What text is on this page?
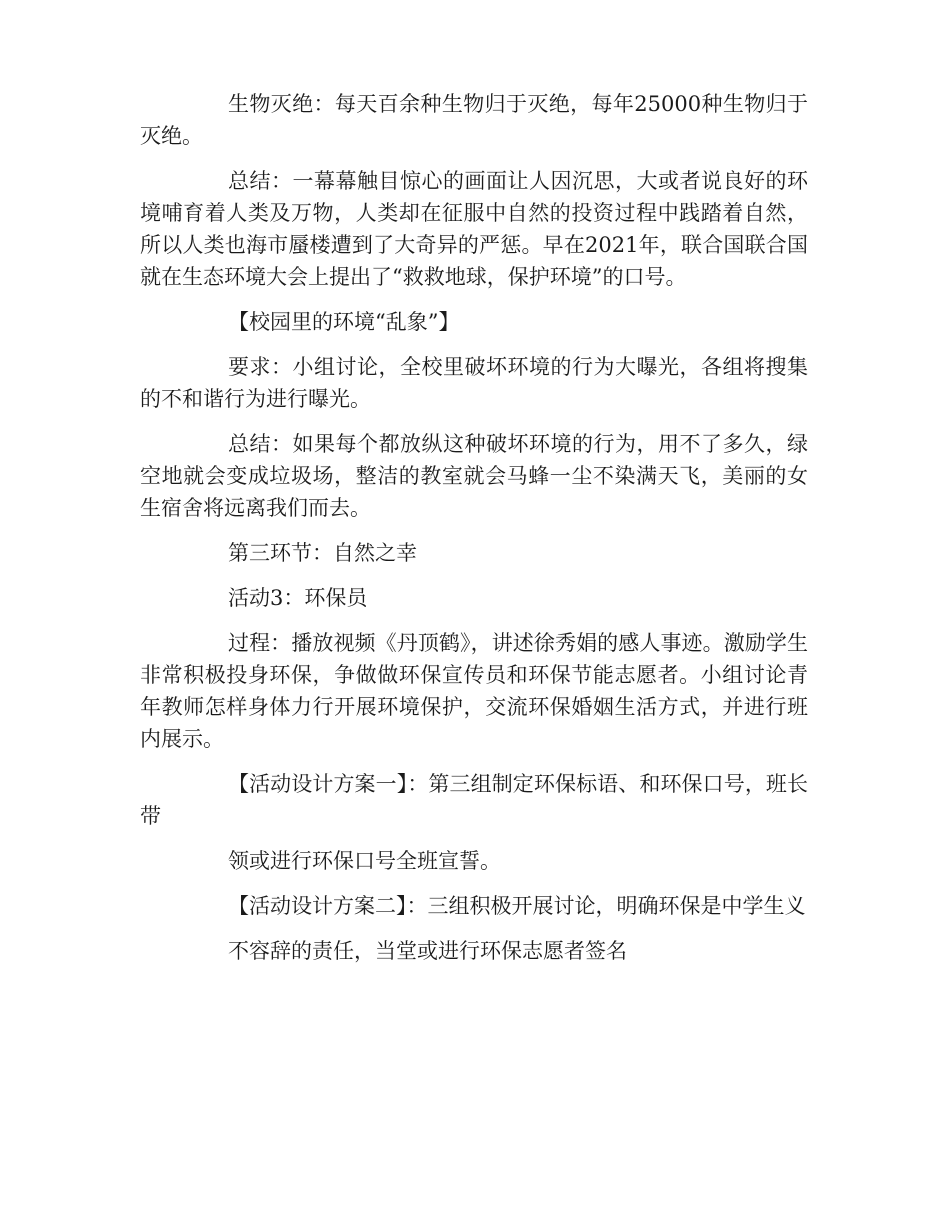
生物灭绝：每天百余种生物归于灭绝，每年25000种生物归于灭绝。

总结：一幕幕触目惊心的画面让人因沉思，大或者说良好的环境哺育着人类及万物，人类却在征服中自然的投资过程中践踏着自然，所以人类也海市蜃楼遭到了大奇异的严惩。早在2021年，联合国联合国就在生态环境大会上提出了“救救地球，保护环境”的口号。

【校园里的环境“乱象”】

要求：小组讨论，全校里破坏环境的行为大曝光，各组将搜集的不和谐行为进行曝光。

总结：如果每个都放纵这种破坏环境的行为，用不了多久，绿空地就会变成垃圾场，整洁的教室就会马蜂一尘不染满天飞，美丽的女生宿舍将远离我们而去。

第三环节：自然之幸

活动3：环保员

过程：播放视频《丹顶鹤》，讲述徐秀娟的感人事迹。激励学生非常积极投身环保，争做做环保宣传员和环保节能志愿者。小组讨论青年教师怎样身体力行开展环境保护，交流环保婚姻生活方式，并进行班内展示。

【活动设计方案一】：第三组制定环保标语、和环保口号，班长带

领或进行环保口号全班宣誓。

【活动设计方案二】：三组积极开展讨论，明确环保是中学生义

不容辞的责任，当堂或进行环保志愿者签名
